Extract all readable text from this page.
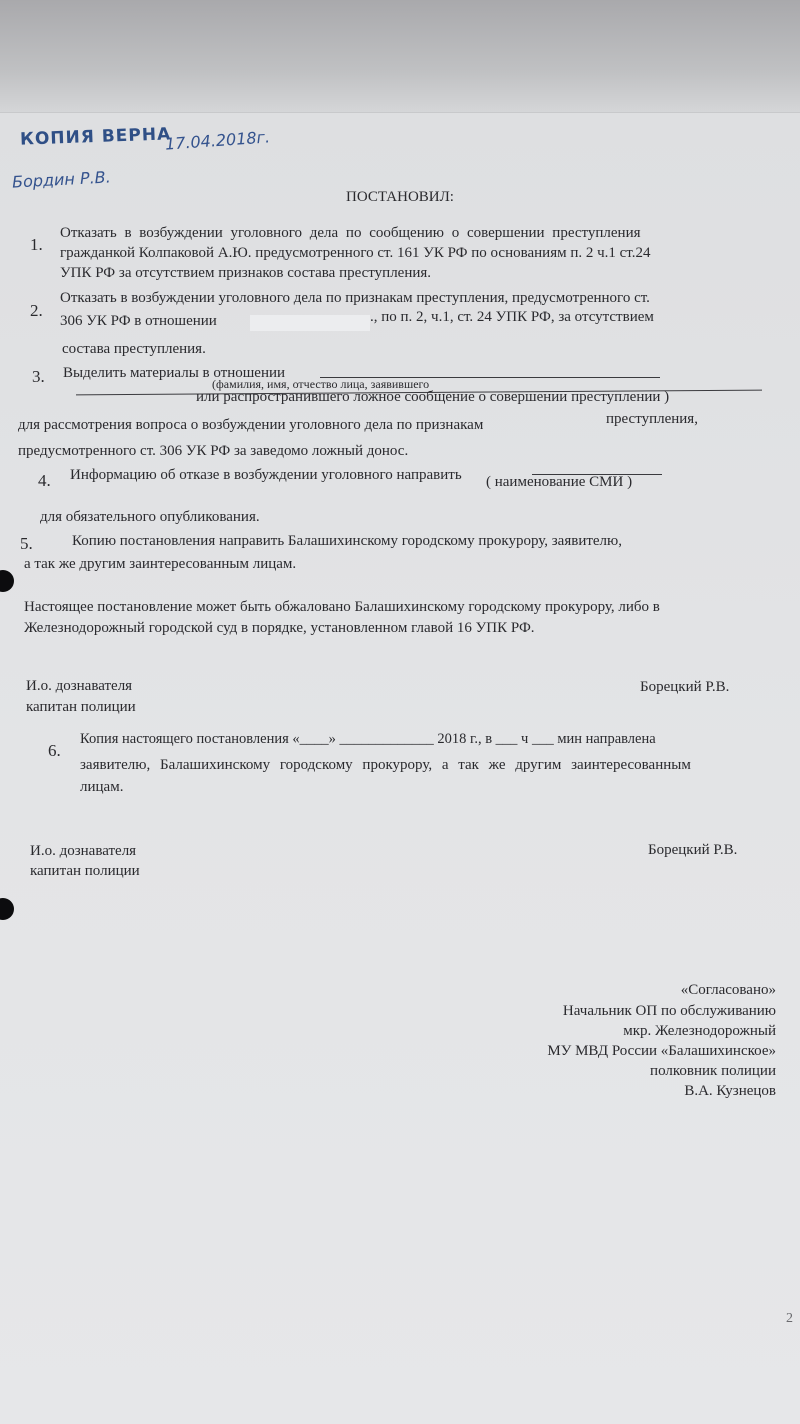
КОПИЯ ВЕРНА
17.04.2018г.
Бордин Р.В.
ПОСТАНОВИЛ:
1.
Отказать в возбуждении уголовного дела по сообщению о совершении преступления
гражданкой Колпаковой А.Ю. предусмотренного ст. 161 УК РФ по основаниям п. 2 ч.1 ст.24
УПК РФ за отсутствием признаков состава преступления.
2.
Отказать в возбуждении уголовного дела по признакам преступления, предусмотренного ст.
306 УК РФ в отношении	., по п. 2, ч.1, ст. 24 УПК РФ, за отсутствием
состава преступления.
3. Выделить материалы в отношении
(фамилия, имя, отчество лица, заявившего
или распространившего ложное сообщение о совершении преступлении )
для рассмотрения вопроса о возбуждении уголовного дела по признакам	преступления,
предусмотренного ст. 306 УК РФ за заведомо ложный донос.
4. Информацию об отказе в возбуждении уголовного направить ( наименование СМИ )
для обязательного опубликования.
5.	Копию постановления направить Балашихинскому городскому прокурору, заявителю,
а так же другим заинтересованным лицам.
Настоящее постановление может быть обжаловано Балашихинскому городскому прокурору, либо в
Железнодорожный городской суд в порядке, установленном главой 16 УПК РФ.
И.о. дознавателя
капитан полиции
Борецкий Р.В.
6.
Копия настоящего постановления «____» _____________ 2018 г., в ___ ч ___ мин направлена
заявителю, Балашихинскому городскому прокурору, а так же другим заинтересованным
лицам.
И.о. дознавателя
капитан полиции
Борецкий Р.В.
«Согласовано»
Начальник ОП по обслуживанию
мкр. Железнодорожный
МУ МВД России «Балашихинское»
полковник полиции
В.А. Кузнецов
2
